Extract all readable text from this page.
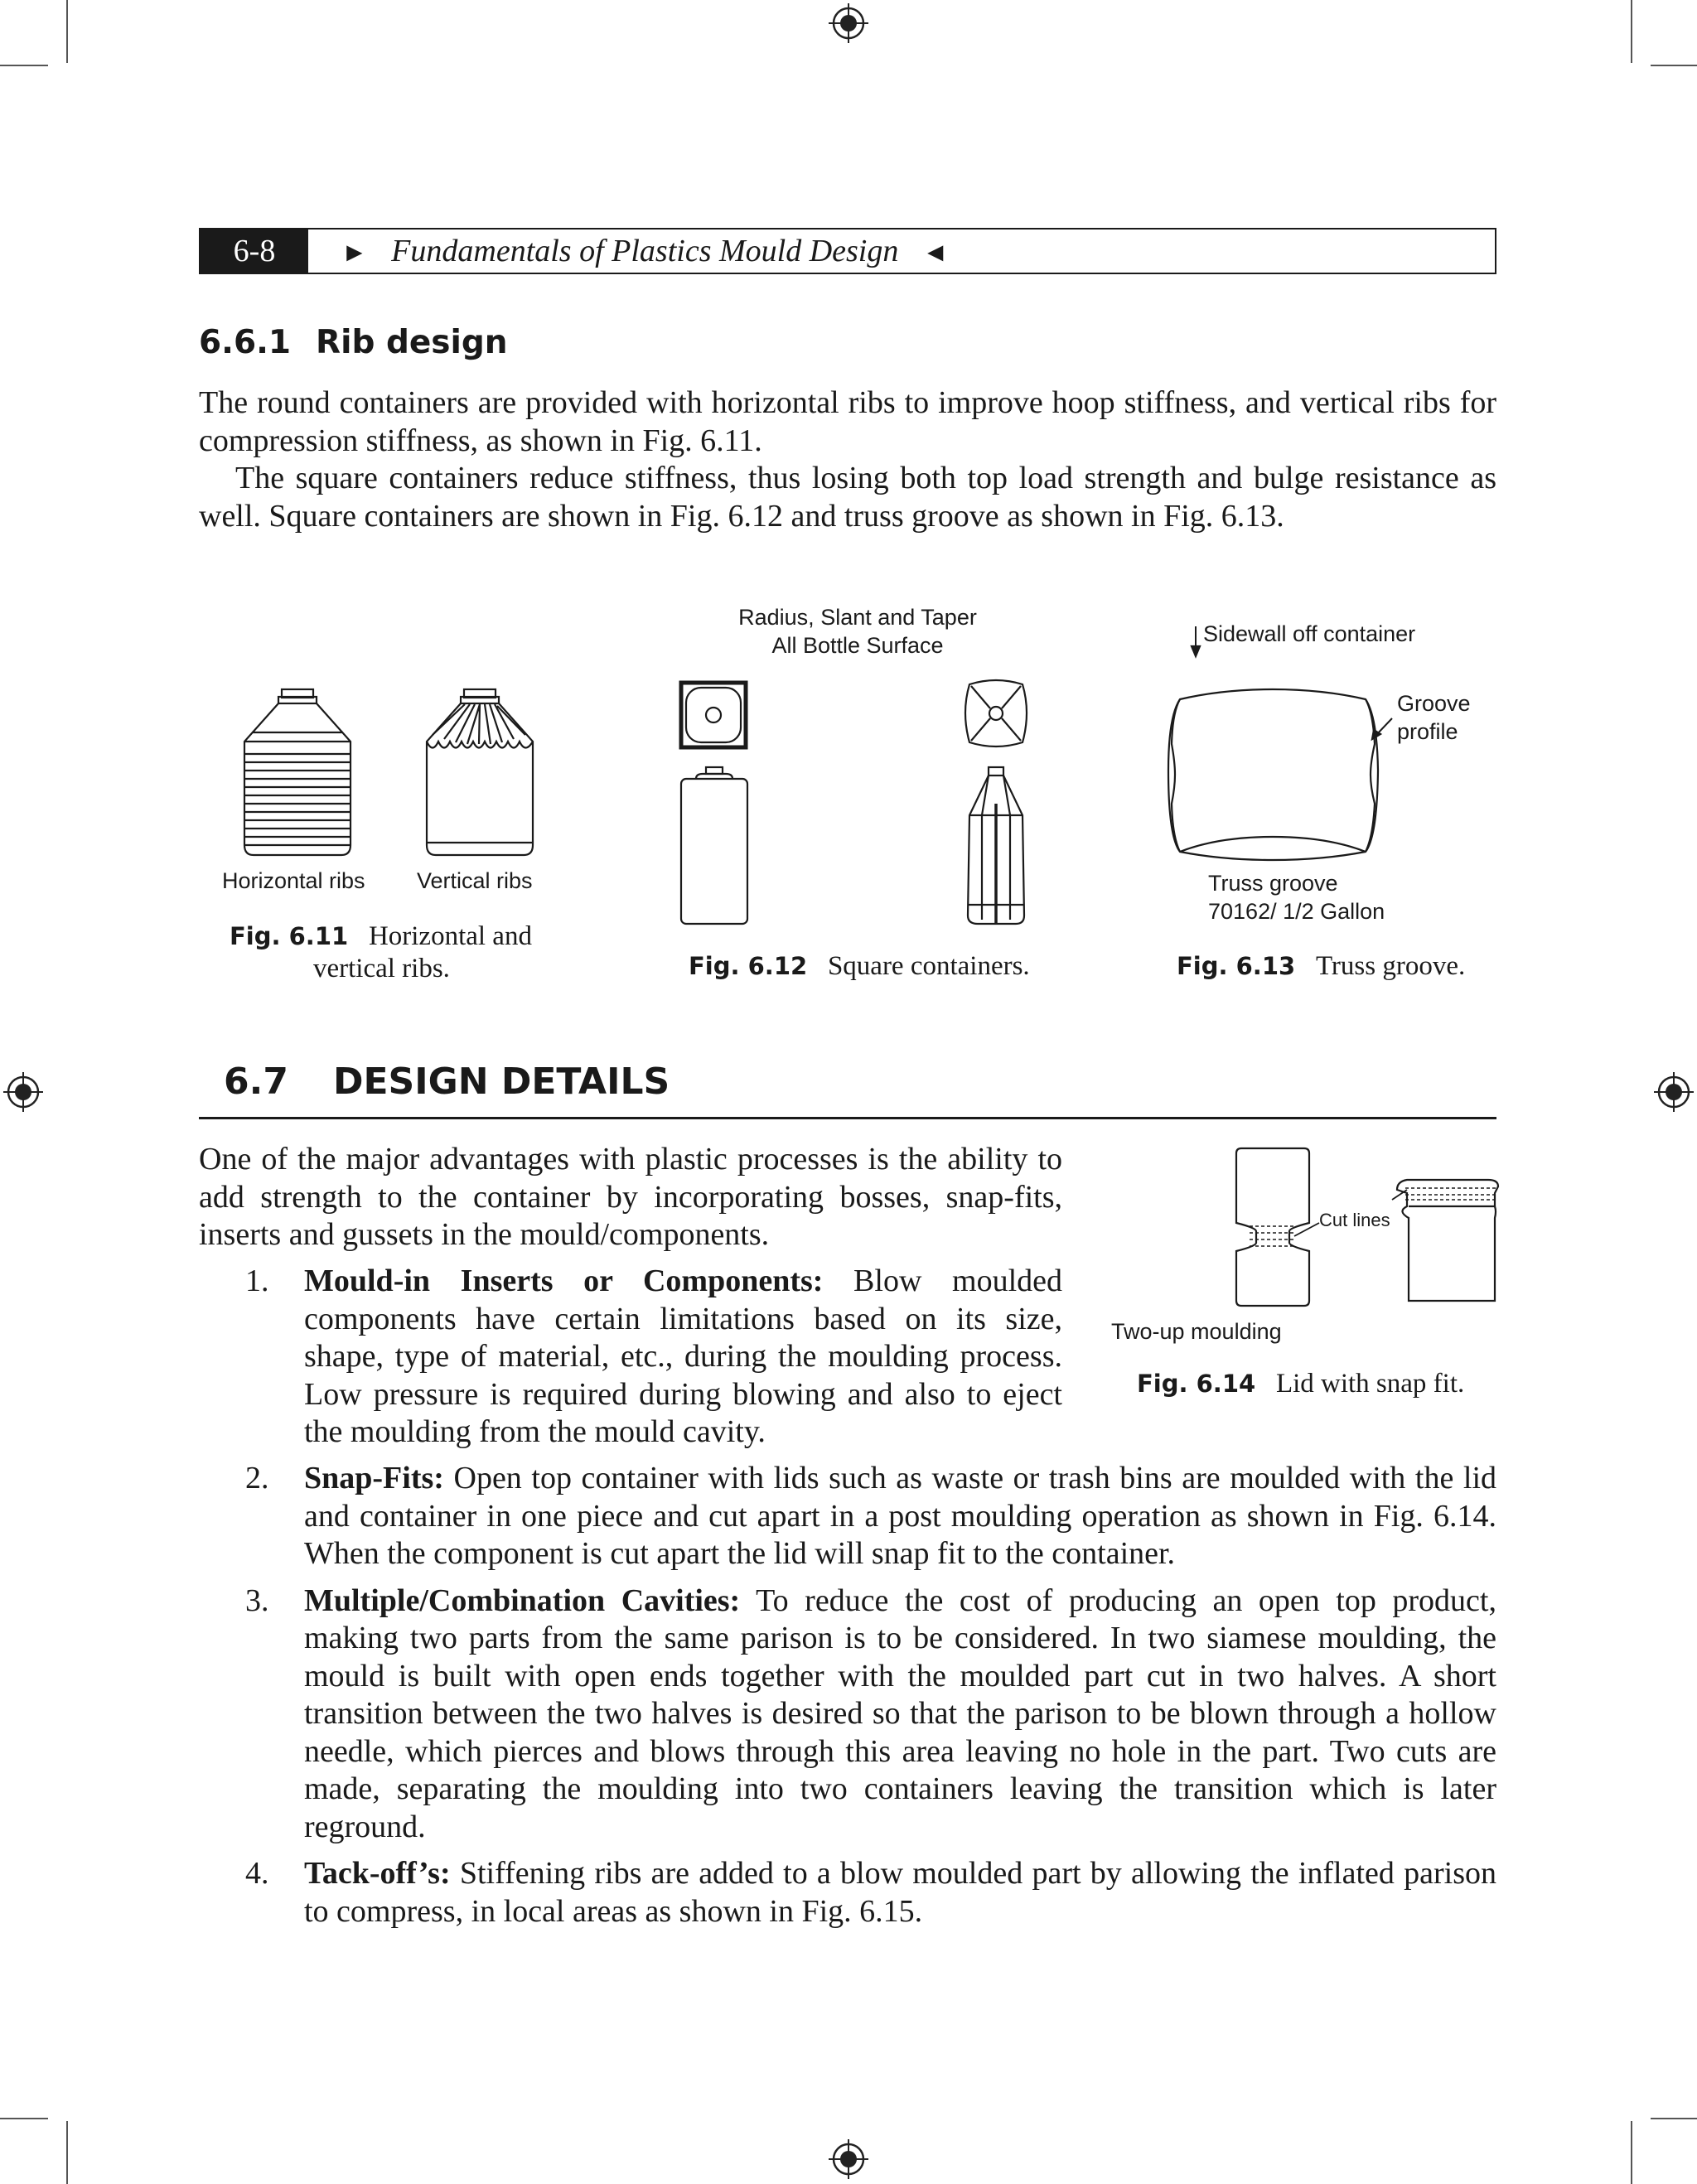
6-8	► Fundamentals of Plastics Mould Design ◄
6.6.1 Rib design

The round containers are provided with horizontal ribs to improve hoop stiffness, and vertical ribs for compression stiffness, as shown in Fig. 6.11.

The square containers reduce stiffness, thus losing both top load strength and bulge resistance as well. Square containers are shown in Fig. 6.12 and truss groove as shown in Fig. 6.13.

Horizontal ribs Vertical ribs
Fig. 6.11 Horizontal and
vertical ribs.
Radius, Slant and Taper
All Bottle Surface
Fig. 6.12 Square containers.
Sidewall off container
Groove
profile
Truss groove
70162/ 1/2 Gallon
Fig. 6.13 Truss groove.
6.7 DESIGN DETAILS
Cut lines
Two-up moulding
Fig. 6.14 Lid with snap fit.
One of the major advantages with plastic processes is the ability to add strength to the container by incorporating bosses, snap-fits, inserts and gussets in the mould/components.
1. Mould-in Inserts or Components: Blow moulded components have certain limitations based on its size, shape, type of material, etc., during the moulding process. Low pressure is required during blowing and also to eject the moulding from the mould cavity.
2. Snap-Fits: Open top container with lids such as waste or trash bins are moulded with the lid and container in one piece and cut apart in a post moulding operation as shown in Fig. 6.14. When the component is cut apart the lid will snap fit to the container.
3. Multiple/Combination Cavities: To reduce the cost of producing an open top product, making two parts from the same parison is to be considered. In two siamese moulding, the mould is built with open ends together with the moulded part cut in two halves. A short transition between the two halves is desired so that the parison to be blown through a hollow needle, which pierces and blows through this area leaving no hole in the part. Two cuts are made, separating the moulding into two containers leaving the transition which is later reground.
4. Tack-off’s: Stiffening ribs are added to a blow moulded part by allowing the inflated parison to compress, in local areas as shown in Fig. 6.15.
